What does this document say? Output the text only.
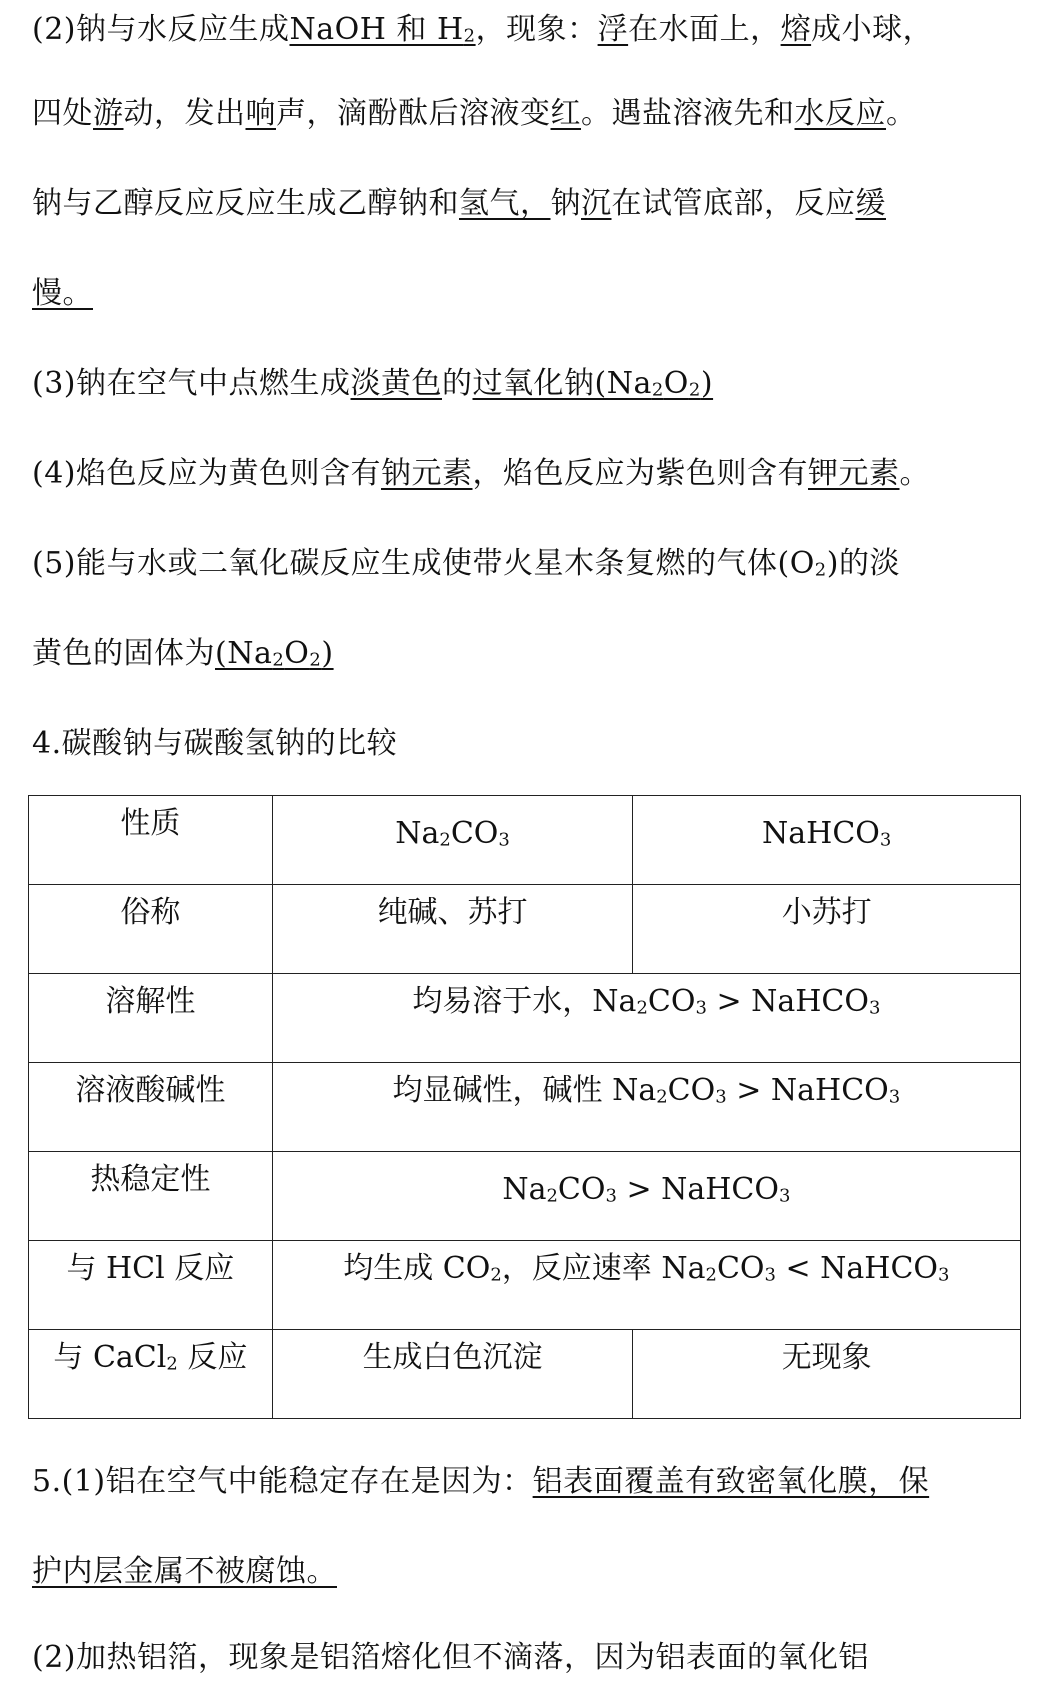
(2)钠与水反应生成NaOH 和 $H_2$，现象：浮在水面上，熔成小球，
四处游动，发出响声，滴酚酞后溶液变红。遇盐溶液先和水反应。
钠与乙醇反应反应生成乙醇钠和氢气，钠沉在试管底部，反应缓
慢。
(3)钠在空气中点燃生成淡黄色的过氧化钠$(Na_2O_2)$
(4)焰色反应为黄色则含有钠元素，焰色反应为紫色则含有钾元素。
(5)能与水或二氧化碳反应生成使带火星木条复燃的气体$(O_2)$的淡
黄色的固体为$(Na_2O_2)$
4.碳酸钠与碳酸氢钠的比较
性质	$Na_2CO_3$	NaHCO$_3$

俗称	纯碱、苏打	小苏打

溶解性	均易溶于水，$Na_2CO_3$ > NaHCO$_3$

溶液酸碱性	均显碱性，碱性 $Na_2CO_3$ > NaHCO$_3$

热稳定性	$Na_2CO_3$ > NaHCO$_3$

与 HCl 反应	均生成 $CO_2$，反应速率 $Na_2CO_3$ < NaHCO$_3$

与 CaCl$_2$ 反应	生成白色沉淀	无现象
5.(1)铝在空气中能稳定存在是因为：铝表面覆盖有致密氧化膜，保
护内层金属不被腐蚀。
(2)加热铝箔，现象是铝箔熔化但不滴落，因为铝表面的氧化铝
